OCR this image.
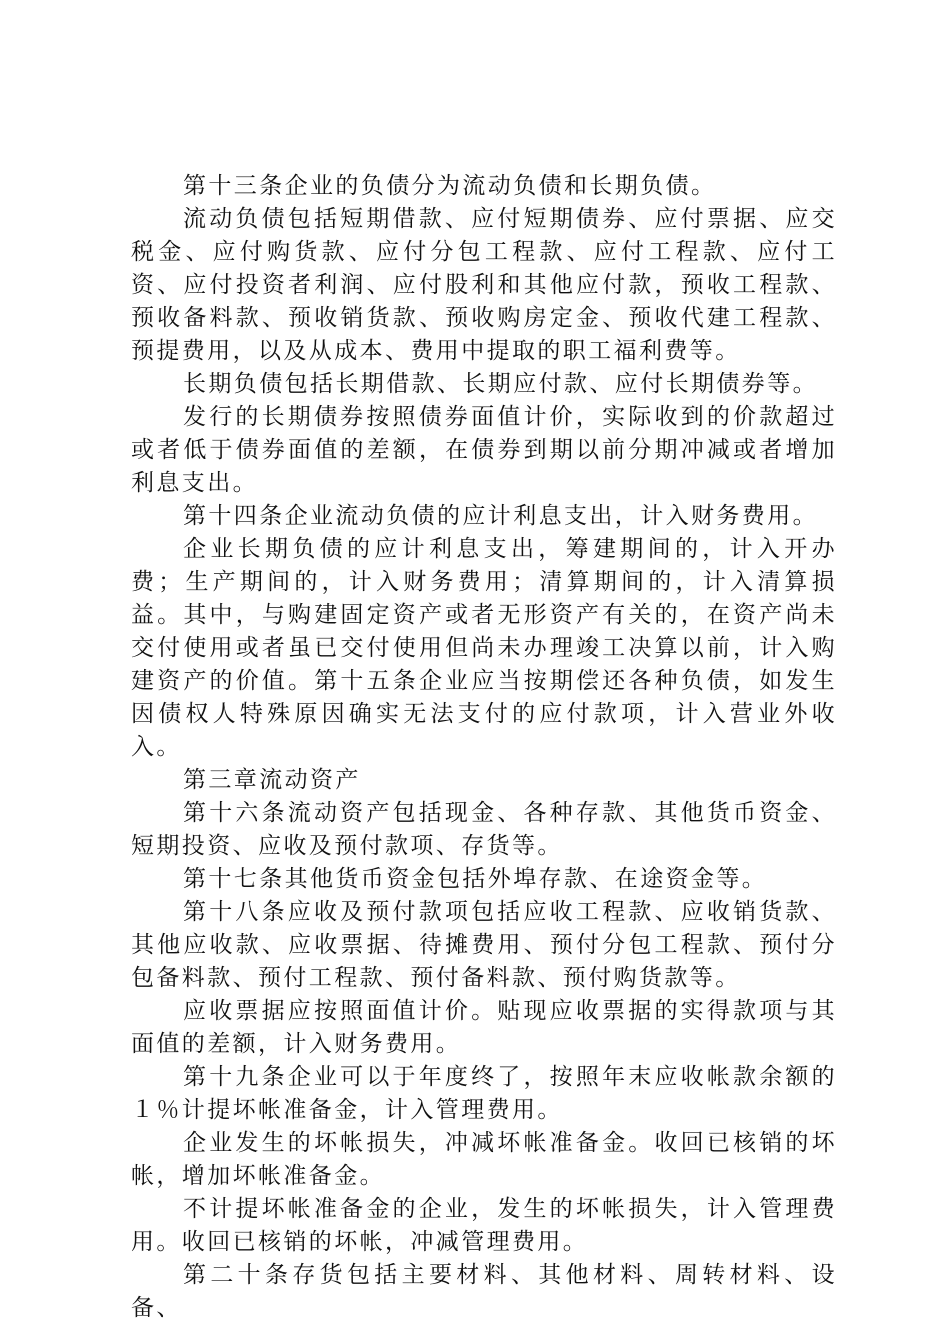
第十三条企业的负债分为流动负债和长期负债。

流动负债包括短期借款、应付短期债券、应付票据、应交税金、应付购货款、应付分包工程款、应付工程款、应付工资、应付投资者利润、应付股利和其他应付款，预收工程款、预收备料款、预收销货款、预收购房定金、预收代建工程款、预提费用，以及从成本、费用中提取的职工福利费等。

长期负债包括长期借款、长期应付款、应付长期债券等。

发行的长期债券按照债券面值计价，实际收到的价款超过或者低于债券面值的差额，在债券到期以前分期冲减或者增加利息支出。

第十四条企业流动负债的应计利息支出，计入财务费用。

企业长期负债的应计利息支出，筹建期间的，计入开办费；生产期间的，计入财务费用；清算期间的，计入清算损益。其中，与购建固定资产或者无形资产有关的，在资产尚未交付使用或者虽已交付使用但尚未办理竣工决算以前，计入购建资产的价值。第十五条企业应当按期偿还各种负债，如发生因债权人特殊原因确实无法支付的应付款项，计入营业外收入。

第三章流动资产

第十六条流动资产包括现金、各种存款、其他货币资金、短期投资、应收及预付款项、存货等。

第十七条其他货币资金包括外埠存款、在途资金等。

第十八条应收及预付款项包括应收工程款、应收销货款、其他应收款、应收票据、待摊费用、预付分包工程款、预付分包备料款、预付工程款、预付备料款、预付购货款等。

应收票据应按照面值计价。贴现应收票据的实得款项与其面值的差额，计入财务费用。

第十九条企业可以于年度终了，按照年末应收帐款余额的１％计提坏帐准备金，计入管理费用。

企业发生的坏帐损失，冲减坏帐准备金。收回已核销的坏帐，增加坏帐准备金。

不计提坏帐准备金的企业，发生的坏帐损失，计入管理费用。收回已核销的坏帐，冲减管理费用。

第二十条存货包括主要材料、其他材料、周转材料、设备、
